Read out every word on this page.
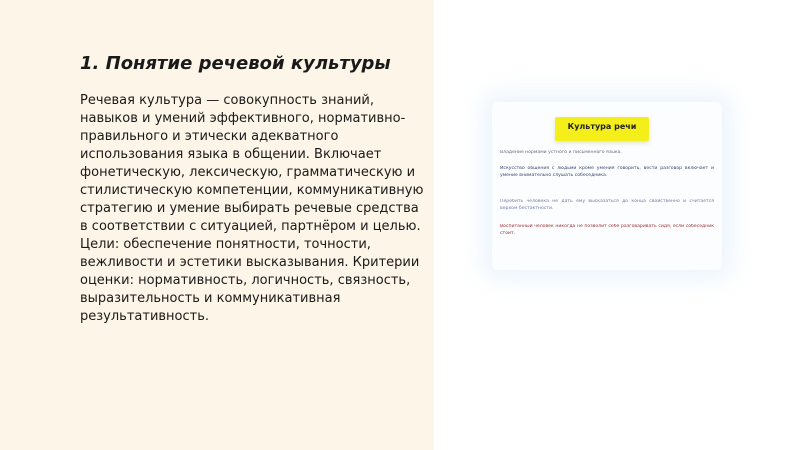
1. Понятие речевой культуры

Речевая культура — совокупность знаний, навыков и умений эффективного, нормативно-правильного и этически адекватного использования языка в общении. Включает фонетическую, лексическую, грамматическую и стилистическую компетенции, коммуникативную стратегию и умение выбирать речевые средства в соответствии с ситуацией, партнёром и целью. Цели: обеспечение понятности, точности, вежливости и эстетики высказывания. Критерии оценки: нормативность, логичность, связность, выразительность и коммуникативная результативность.

Культура речи

Владение нормами устного и письменного языка.

Искусство общения с людьми кроме умения говорить, вести разговор включает и умение внимательно слушать собеседника.

Перебить человека не дать ему высказаться до конца свойственно и считается верхом бестактности.

Воспитанный человек никогда не позволит себе разговаривать сидя, если собеседник стоит.
